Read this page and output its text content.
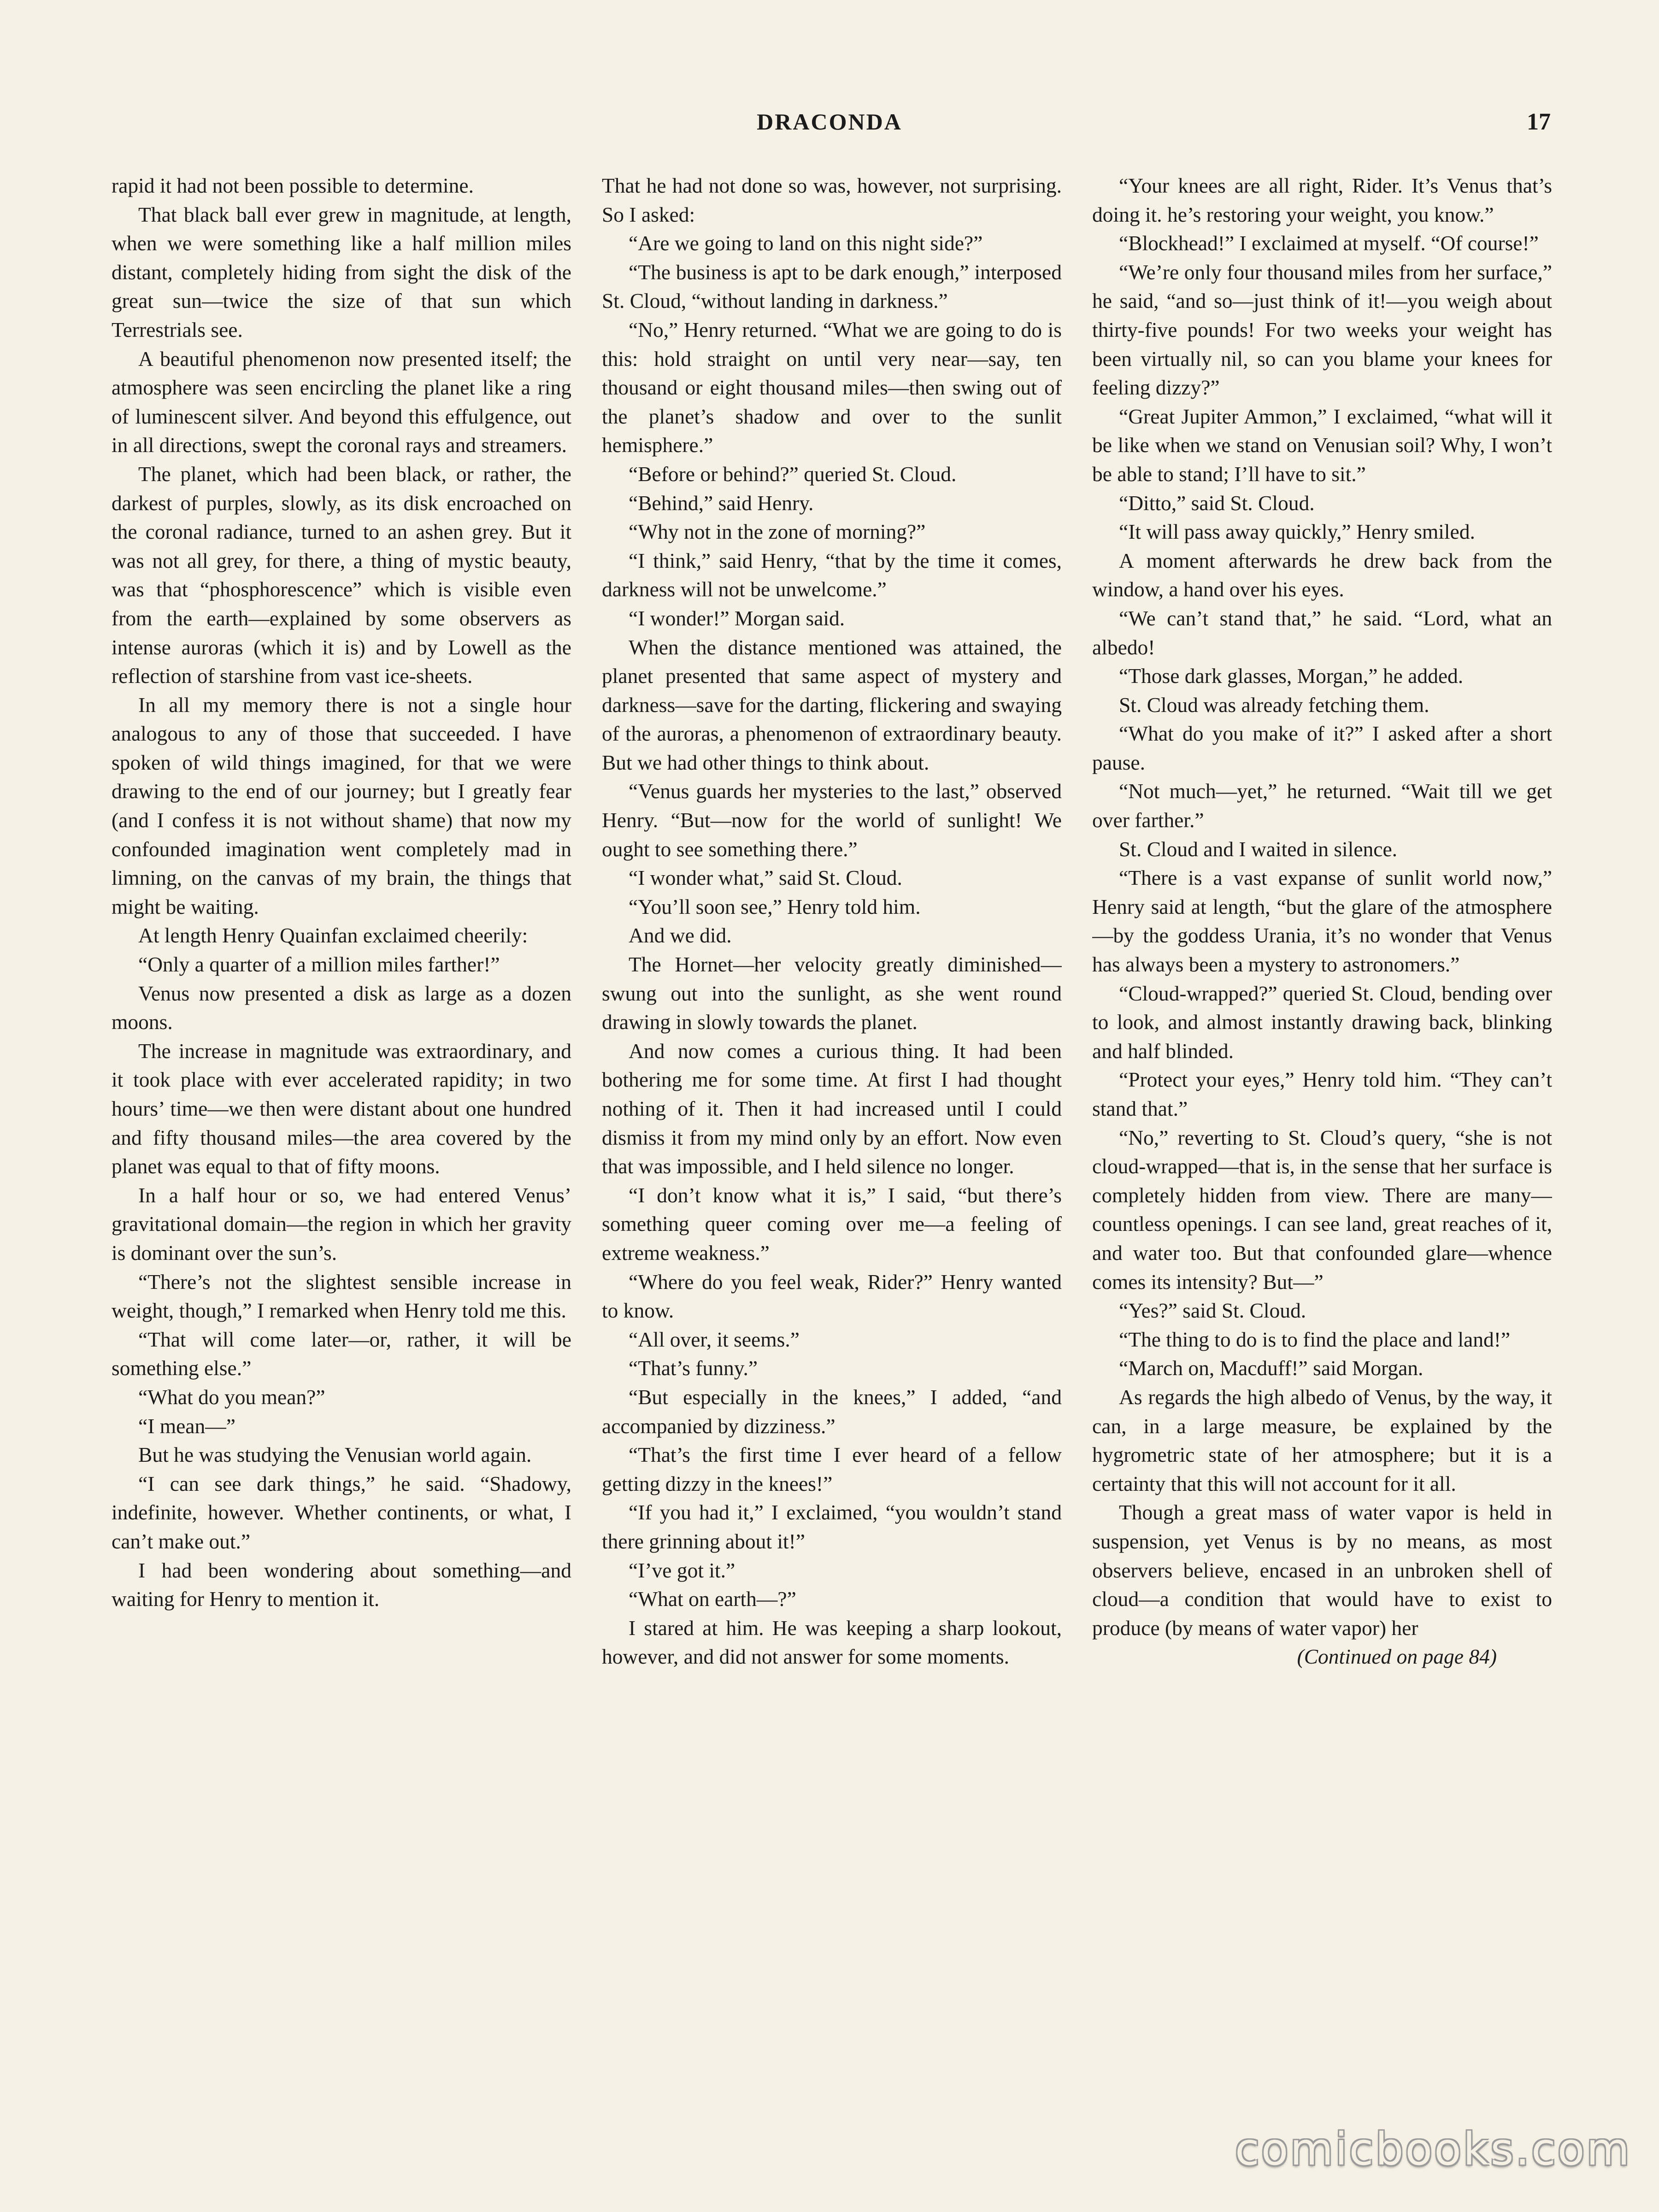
DRACONDA	17

rapid it had not been possible to determine.

That black ball ever grew in magnitude, at length, when we were something like a half million miles distant, completely hiding from sight the disk of the great sun—twice the size of that sun which Terrestrials see.

A beautiful phenomenon now presented itself; the atmosphere was seen encircling the planet like a ring of luminescent silver. And beyond this effulgence, out in all directions, swept the coronal rays and streamers.

The planet, which had been black, or rather, the darkest of purples, slowly, as its disk encroached on the coronal radiance, turned to an ashen grey. But it was not all grey, for there, a thing of mystic beauty, was that “phosphorescence” which is visible even from the earth—explained by some observers as intense auroras (which it is) and by Lowell as the reflection of starshine from vast ice-sheets.

In all my memory there is not a single hour analogous to any of those that succeeded. I have spoken of wild things imagined, for that we were drawing to the end of our journey; but I greatly fear (and I confess it is not without shame) that now my confounded imagination went completely mad in limning, on the canvas of my brain, the things that might be waiting.

At length Henry Quainfan exclaimed cheerily:

“Only a quarter of a million miles farther!”

Venus now presented a disk as large as a dozen moons.

The increase in magnitude was extraordinary, and it took place with ever accelerated rapidity; in two hours’ time—we then were distant about one hundred and fifty thousand miles—the area covered by the planet was equal to that of fifty moons.

In a half hour or so, we had entered Venus’ gravitational domain—the region in which her gravity is dominant over the sun’s.

“There’s not the slightest sensible increase in weight, though,” I remarked when Henry told me this.

“That will come later—or, rather, it will be something else.”

“What do you mean?”

“I mean—”

But he was studying the Venusian world again.

“I can see dark things,” he said. “Shadowy, indefinite, however. Whether continents, or what, I can’t make out.”

I had been wondering about something—and waiting for Henry to mention it.

That he had not done so was, however, not surprising. So I asked:

“Are we going to land on this night side?”

“The business is apt to be dark enough,” interposed St. Cloud, “without landing in darkness.”

“No,” Henry returned. “What we are going to do is this: hold straight on until very near—say, ten thousand or eight thousand miles—then swing out of the planet’s shadow and over to the sunlit hemisphere.”

“Before or behind?” queried St. Cloud.

“Behind,” said Henry.

“Why not in the zone of morning?”

“I think,” said Henry, “that by the time it comes, darkness will not be unwelcome.”

“I wonder!” Morgan said.

When the distance mentioned was attained, the planet presented that same aspect of mystery and darkness—save for the darting, flickering and swaying of the auroras, a phenomenon of extraordinary beauty. But we had other things to think about.

“Venus guards her mysteries to the last,” observed Henry. “But—now for the world of sunlight! We ought to see something there.”

“I wonder what,” said St. Cloud.

“You’ll soon see,” Henry told him.

And we did.

The Hornet—her velocity greatly diminished—swung out into the sunlight, as she went round drawing in slowly towards the planet.

And now comes a curious thing. It had been bothering me for some time. At first I had thought nothing of it. Then it had increased until I could dismiss it from my mind only by an effort. Now even that was impossible, and I held silence no longer.

“I don’t know what it is,” I said, “but there’s something queer coming over me—a feeling of extreme weakness.”

“Where do you feel weak, Rider?” Henry wanted to know.

“All over, it seems.”

“That’s funny.”

“But especially in the knees,” I added, “and accompanied by dizziness.”

“That’s the first time I ever heard of a fellow getting dizzy in the knees!”

“If you had it,” I exclaimed, “you wouldn’t stand there grinning about it!”

“I’ve got it.”

“What on earth—?”

I stared at him. He was keeping a sharp lookout, however, and did not answer for some moments.

“Your knees are all right, Rider. It’s Venus that’s doing it. he’s restoring your weight, you know.”

“Blockhead!” I exclaimed at myself. “Of course!”

“We’re only four thousand miles from her surface,” he said, “and so—just think of it!—you weigh about thirty-five pounds! For two weeks your weight has been virtually nil, so can you blame your knees for feeling dizzy?”

“Great Jupiter Ammon,” I exclaimed, “what will it be like when we stand on Venusian soil? Why, I won’t be able to stand; I’ll have to sit.”

“Ditto,” said St. Cloud.

“It will pass away quickly,” Henry smiled.

A moment afterwards he drew back from the window, a hand over his eyes.

“We can’t stand that,” he said. “Lord, what an albedo!

“Those dark glasses, Morgan,” he added.

St. Cloud was already fetching them.

“What do you make of it?” I asked after a short pause.

“Not much—yet,” he returned. “Wait till we get over farther.”

St. Cloud and I waited in silence.

“There is a vast expanse of sunlit world now,” Henry said at length, “but the glare of the atmosphere—by the goddess Urania, it’s no wonder that Venus has always been a mystery to astronomers.”

“Cloud-wrapped?” queried St. Cloud, bending over to look, and almost instantly drawing back, blinking and half blinded.

“Protect your eyes,” Henry told him. “They can’t stand that.”

“No,” reverting to St. Cloud’s query, “she is not cloud-wrapped—that is, in the sense that her surface is completely hidden from view. There are many—countless openings. I can see land, great reaches of it, and water too. But that confounded glare—whence comes its intensity? But—”

“Yes?” said St. Cloud.

“The thing to do is to find the place and land!”

“March on, Macduff!” said Morgan.

As regards the high albedo of Venus, by the way, it can, in a large measure, be explained by the hygrometric state of her atmosphere; but it is a certainty that this will not account for it all.

Though a great mass of water vapor is held in suspension, yet Venus is by no means, as most observers believe, encased in an unbroken shell of cloud—a condition that would have to exist to produce (by means of water vapor) her

(Continued on page 84)

comicbooks.com
